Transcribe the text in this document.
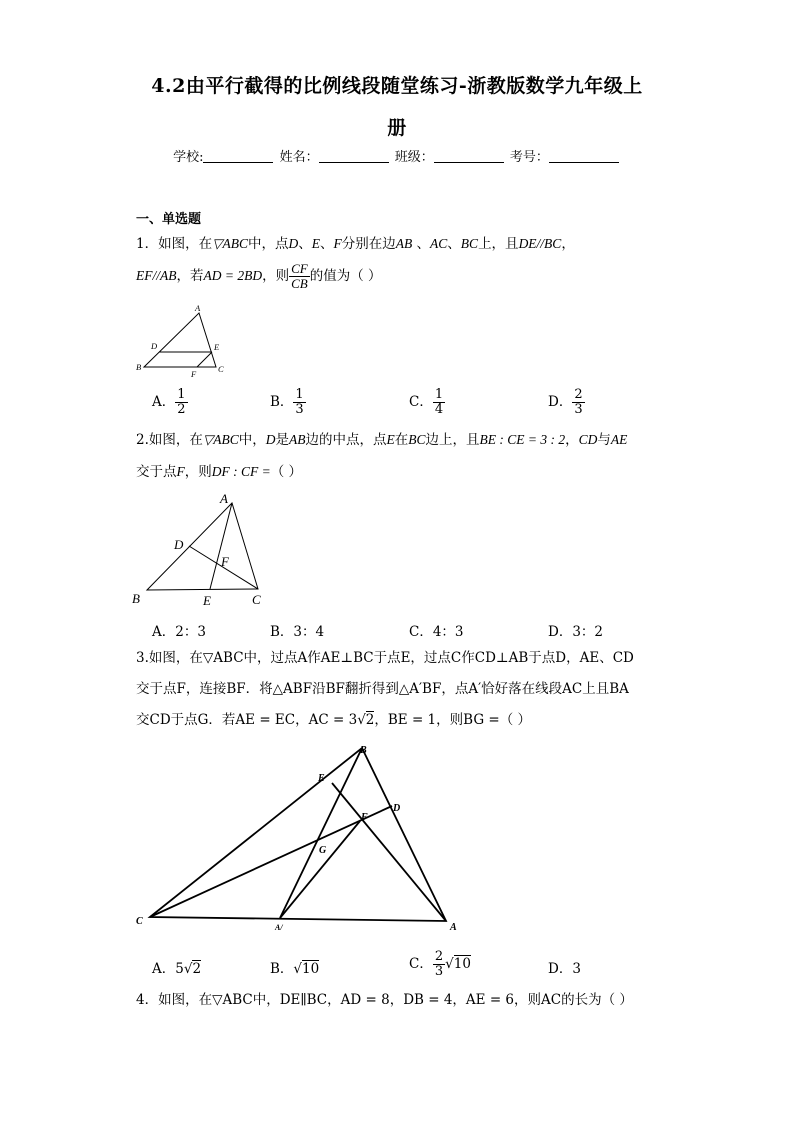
4.2由平行截得的比例线段随堂练习-浙教版数学九年级上
册
学校:	姓名：	班级：	考号：
一、单选题
1．如图，在▽ABC中，点D、E、F分别在边AB 、AC、BC上，且DE//BC，
EF//AB，若AD = 2BD，则 $\frac{CF}{CB}$ 的值为（ ）
A
B	C
D	E
F
A． $\frac{1}{2}$	B． $\frac{1}{3}$	C． $\frac{1}{4}$	D． $\frac{2}{3}$
2.如图，在▽ABC中，D是AB边的中点，点E在BC边上，且BE : CE = 3 : 2，CD与AE
交于点F，则DF : CF =（ ）
A
B	C
D
E
F
A．2：3	B．3：4	C．4：3	D．3：2
3.如图，在▽ABC中，过点A作AE⊥BC于点E，过点C作CD⊥AB于点D，AE、CD
交于点F，连接BF．将△ABF沿BF翻折得到△A′BF，点A′恰好落在线段AC上且BA
交CD于点G．若AE = EC，AC = 3√2，BE = 1，则BG =（ ）
B
E
D
F
G
C
A
A/
A．5√2	B．√10	C． $\frac{2}{3} √10$	D．3
4．如图，在▽ABC中，DE∥BC，AD = 8，DB = 4，AE = 6，则AC的长为（ ）
